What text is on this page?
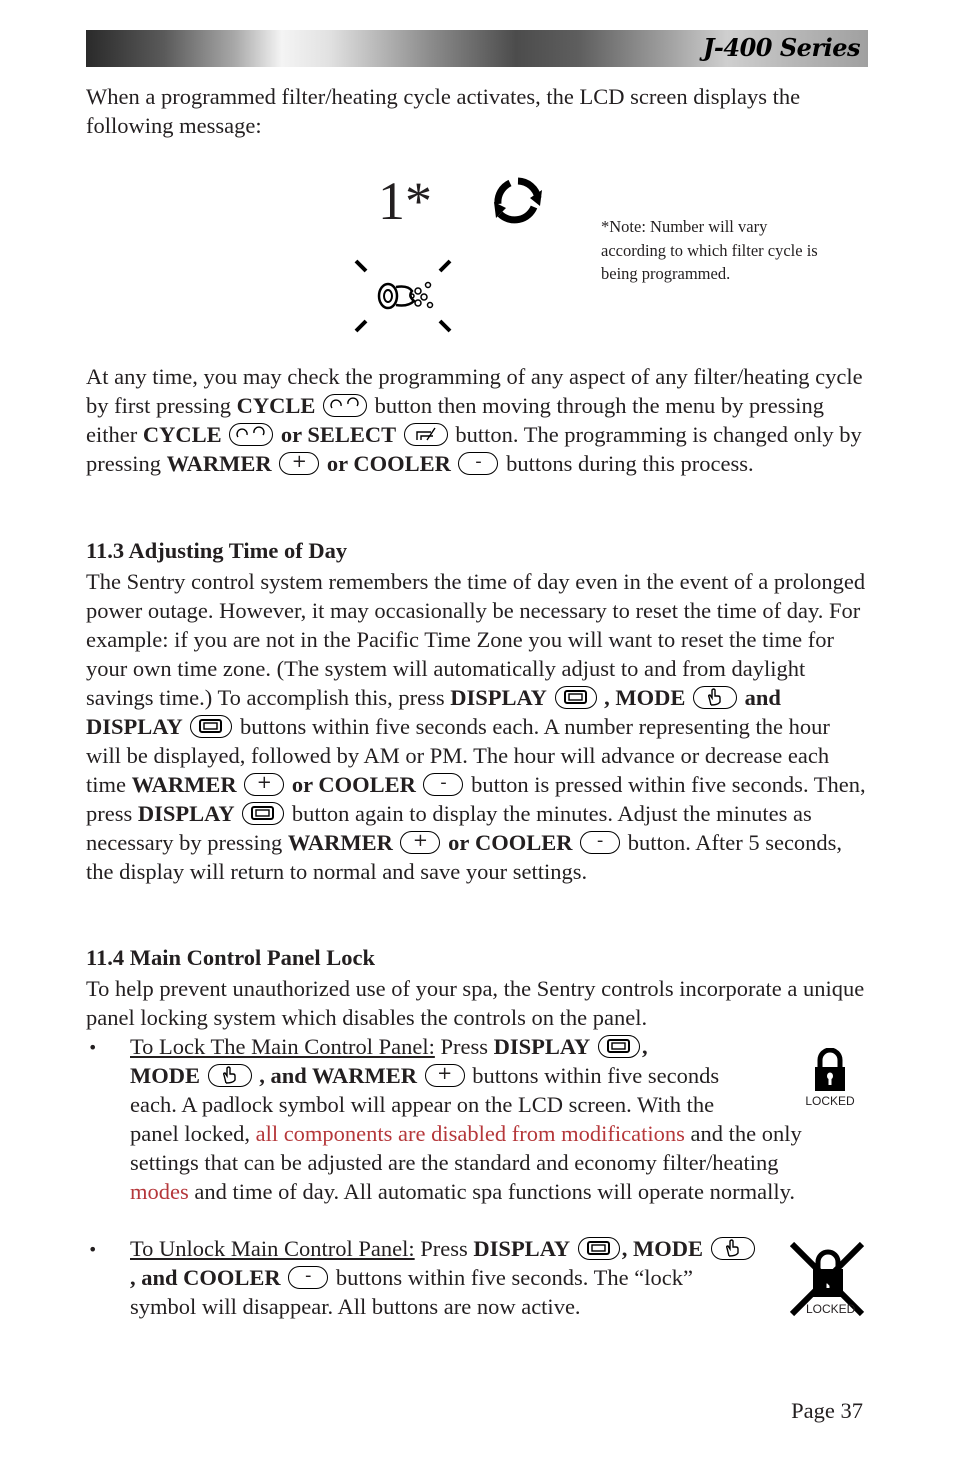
J-400 Series
When a programmed filter/heating cycle activates, the LCD screen displays the following message:
1*	*Note: Number will vary according to which filter cycle is being programmed.
At any time, you may check the programming of any aspect of any filter/heating cycle by first pressing CYCLE	button then moving through the menu by pressing either CYCLE	or SELECT	button. The programming is changed only by pressing WARMER	+ or COOLER	-	buttons during this process.
11.3 Adjusting Time of Day
The Sentry control system remembers the time of day even in the event of a prolonged power outage. However, it may occasionally be necessary to reset the time of day. For example: if you are not in the Pacific Time Zone you will want to reset the time for your own time zone. (The system will automatically adjust to and from daylight savings time.) To accomplish this, press DISPLAY	, MODE	and DISPLAY	buttons within five seconds each. A number representing the hour will be displayed, followed by AM or PM. The hour will advance or decrease each time WARMER	+ or COOLER	-	button is pressed within five seconds. Then, press DISPLAY	button again to display the minutes. Adjust the minutes as necessary by pressing WARMER	+ or COOLER	-	button. After 5 seconds, the display will return to normal and save your settings.
11.4 Main Control Panel Lock
To help prevent unauthorized use of your spa, the Sentry controls incorporate a unique panel locking system which disables the controls on the panel.
• To Lock The Main Control Panel: Press DISPLAY ,
MODE	, and WARMER	+ buttons within five seconds
each. A padlock symbol will appear on the LCD screen. With the
panel locked, all components are disabled from modifications and the only
settings that can be adjusted are the standard and economy filter/heating
modes and time of day. All automatic spa functions will operate normally.
LOCKED
• To Unlock Main Control Panel: Press DISPLAY , MODE
, and COOLER	-	buttons within five seconds. The “lock”
symbol will disappear. All buttons are now active.	LOCKED
Page 37
